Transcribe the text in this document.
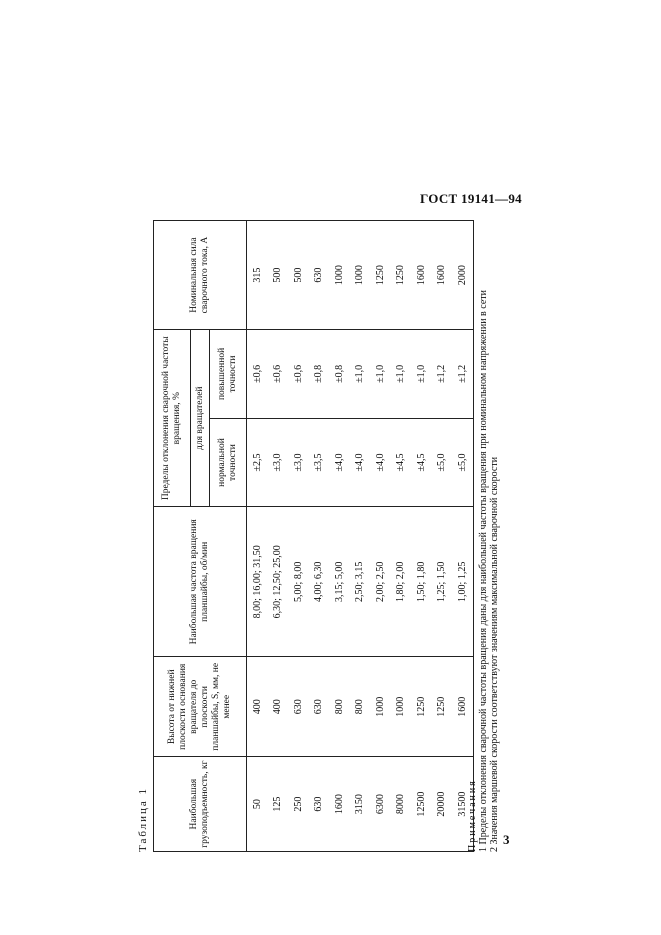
ГОСТ 19141—94
Таблица 1	Наибольшая грузоподъемность, кг	Высота от нижней плоскости основания вращателя до плоскости планшайбы, S, мм, не менее	Наибольшая частота вращения планшайбы, об/мин	Пределы отклонения сварочной частоты вращения, %		Номинальная сила сварочного тока, А
			для вращателей		
			нормальной точности	повышенной точности	
50	400	8,00; 16,00; 31,50	±2,5	±0,6	315
125	400	6,30; 12,50; 25,00	±3,0	±0,6	500
250	630	5,00; 8,00	±3,0	±0,6	500
630	630	4,00; 6,30	±3,5	±0,8	630
1600	800	3,15; 5,00	±4,0	±0,8	1000
3150	800	2,50; 3,15	±4,0	±1,0	1000
6300	1000	2,00; 2,50	±4,0	±1,0	1250
8000	1000	1,80; 2,00	±4,5	±1,0	1250
12500	1250	1,50; 1,80	±4,5	±1,0	1600
20000	1250	1,25; 1,50	±5,0	±1,2	1600
31500	1600	1,00; 1,25	±5,0	±1,2	2000
Примечания 1 Пределы отклонения сварочной частоты вращения даны для наибольшей частоты вращения при номинальном напряжении в сети 2 Значения маршевой скорости соответствуют значениям максимальной сварочной скорости 3
